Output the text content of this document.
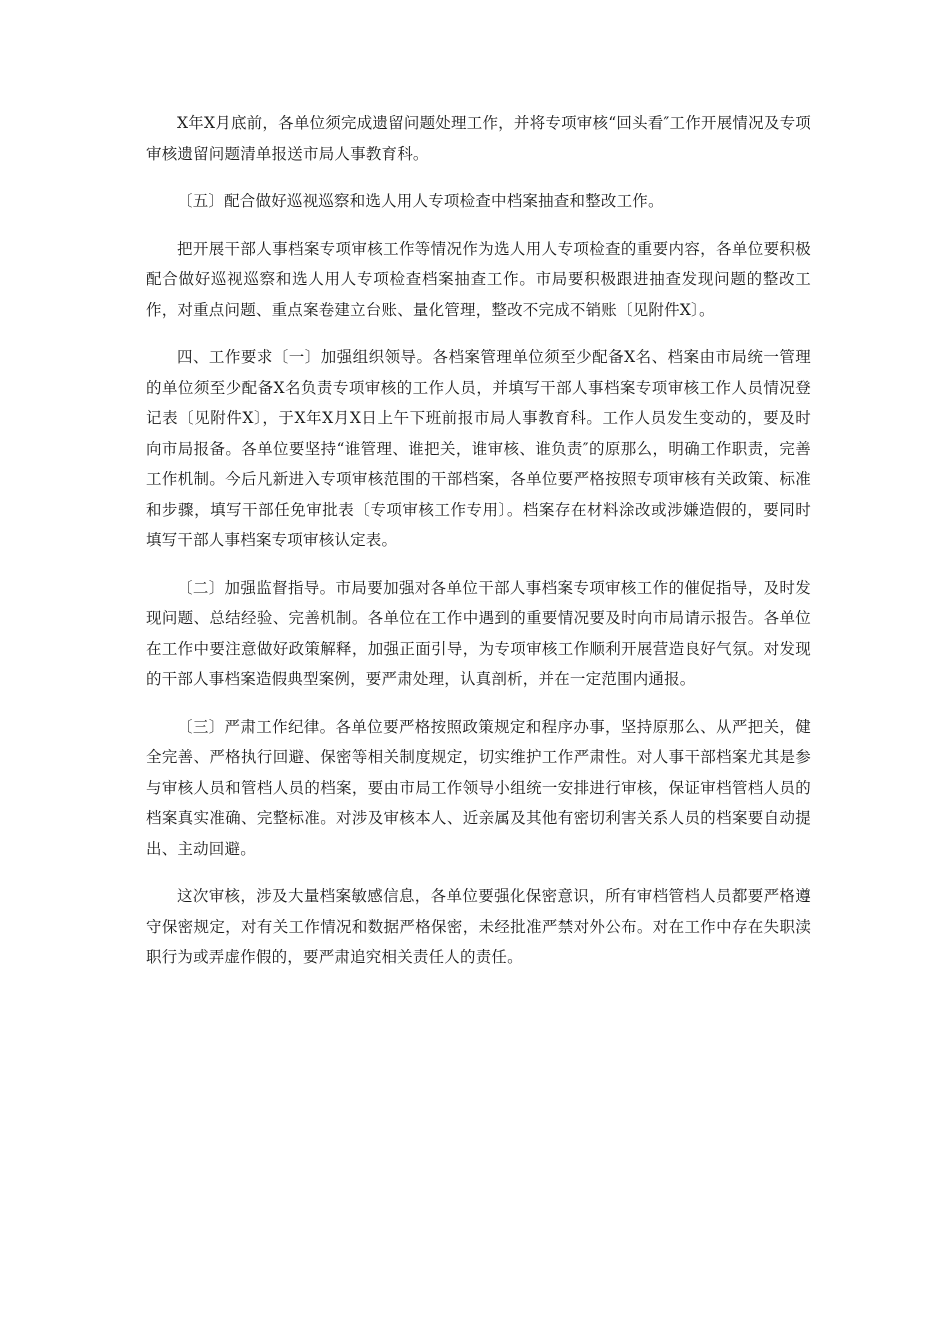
X年X月底前，各单位须完成遗留问题处理工作，并将专项审核“回头看″工作开展情况及专项审核遗留问题清单报送市局人事教育科。

〔五〕配合做好巡视巡察和选人用人专项检查中档案抽查和整改工作。

把开展干部人事档案专项审核工作等情况作为选人用人专项检查的重要内容，各单位要积极配合做好巡视巡察和选人用人专项检查档案抽查工作。市局要积极跟进抽查发现问题的整改工作，对重点问题、重点案卷建立台账、量化管理，整改不完成不销账〔见附件X〕。

四、工作要求〔一〕加强组织领导。各档案管理单位须至少配备X名、档案由市局统一管理的单位须至少配备X名负责专项审核的工作人员，并填写干部人事档案专项审核工作人员情况登记表〔见附件X〕，于X年X月X日上午下班前报市局人事教育科。工作人员发生变动的，要及时向市局报备。各单位要坚持“谁管理、谁把关，谁审核、谁负责″的原那么，明确工作职责，完善工作机制。今后凡新进入专项审核范围的干部档案，各单位要严格按照专项审核有关政策、标准和步骤，填写干部任免审批表〔专项审核工作专用〕。档案存在材料涂改或涉嫌造假的，要同时填写干部人事档案专项审核认定表。

〔二〕加强监督指导。市局要加强对各单位干部人事档案专项审核工作的催促指导，及时发现问题、总结经验、完善机制。各单位在工作中遇到的重要情况要及时向市局请示报告。各单位在工作中要注意做好政策解释，加强正面引导，为专项审核工作顺利开展营造良好气氛。对发现的干部人事档案造假典型案例，要严肃处理，认真剖析，并在一定范围内通报。

〔三〕严肃工作纪律。各单位要严格按照政策规定和程序办事，坚持原那么、从严把关，健全完善、严格执行回避、保密等相关制度规定，切实维护工作严肃性。对人事干部档案尤其是参与审核人员和管档人员的档案，要由市局工作领导小组统一安排进行审核，保证审档管档人员的档案真实准确、完整标准。对涉及审核本人、近亲属及其他有密切利害关系人员的档案要自动提出、主动回避。

这次审核，涉及大量档案敏感信息，各单位要强化保密意识，所有审档管档人员都要严格遵守保密规定，对有关工作情况和数据严格保密，未经批准严禁对外公布。对在工作中存在失职渎职行为或弄虚作假的，要严肃追究相关责任人的责任。
